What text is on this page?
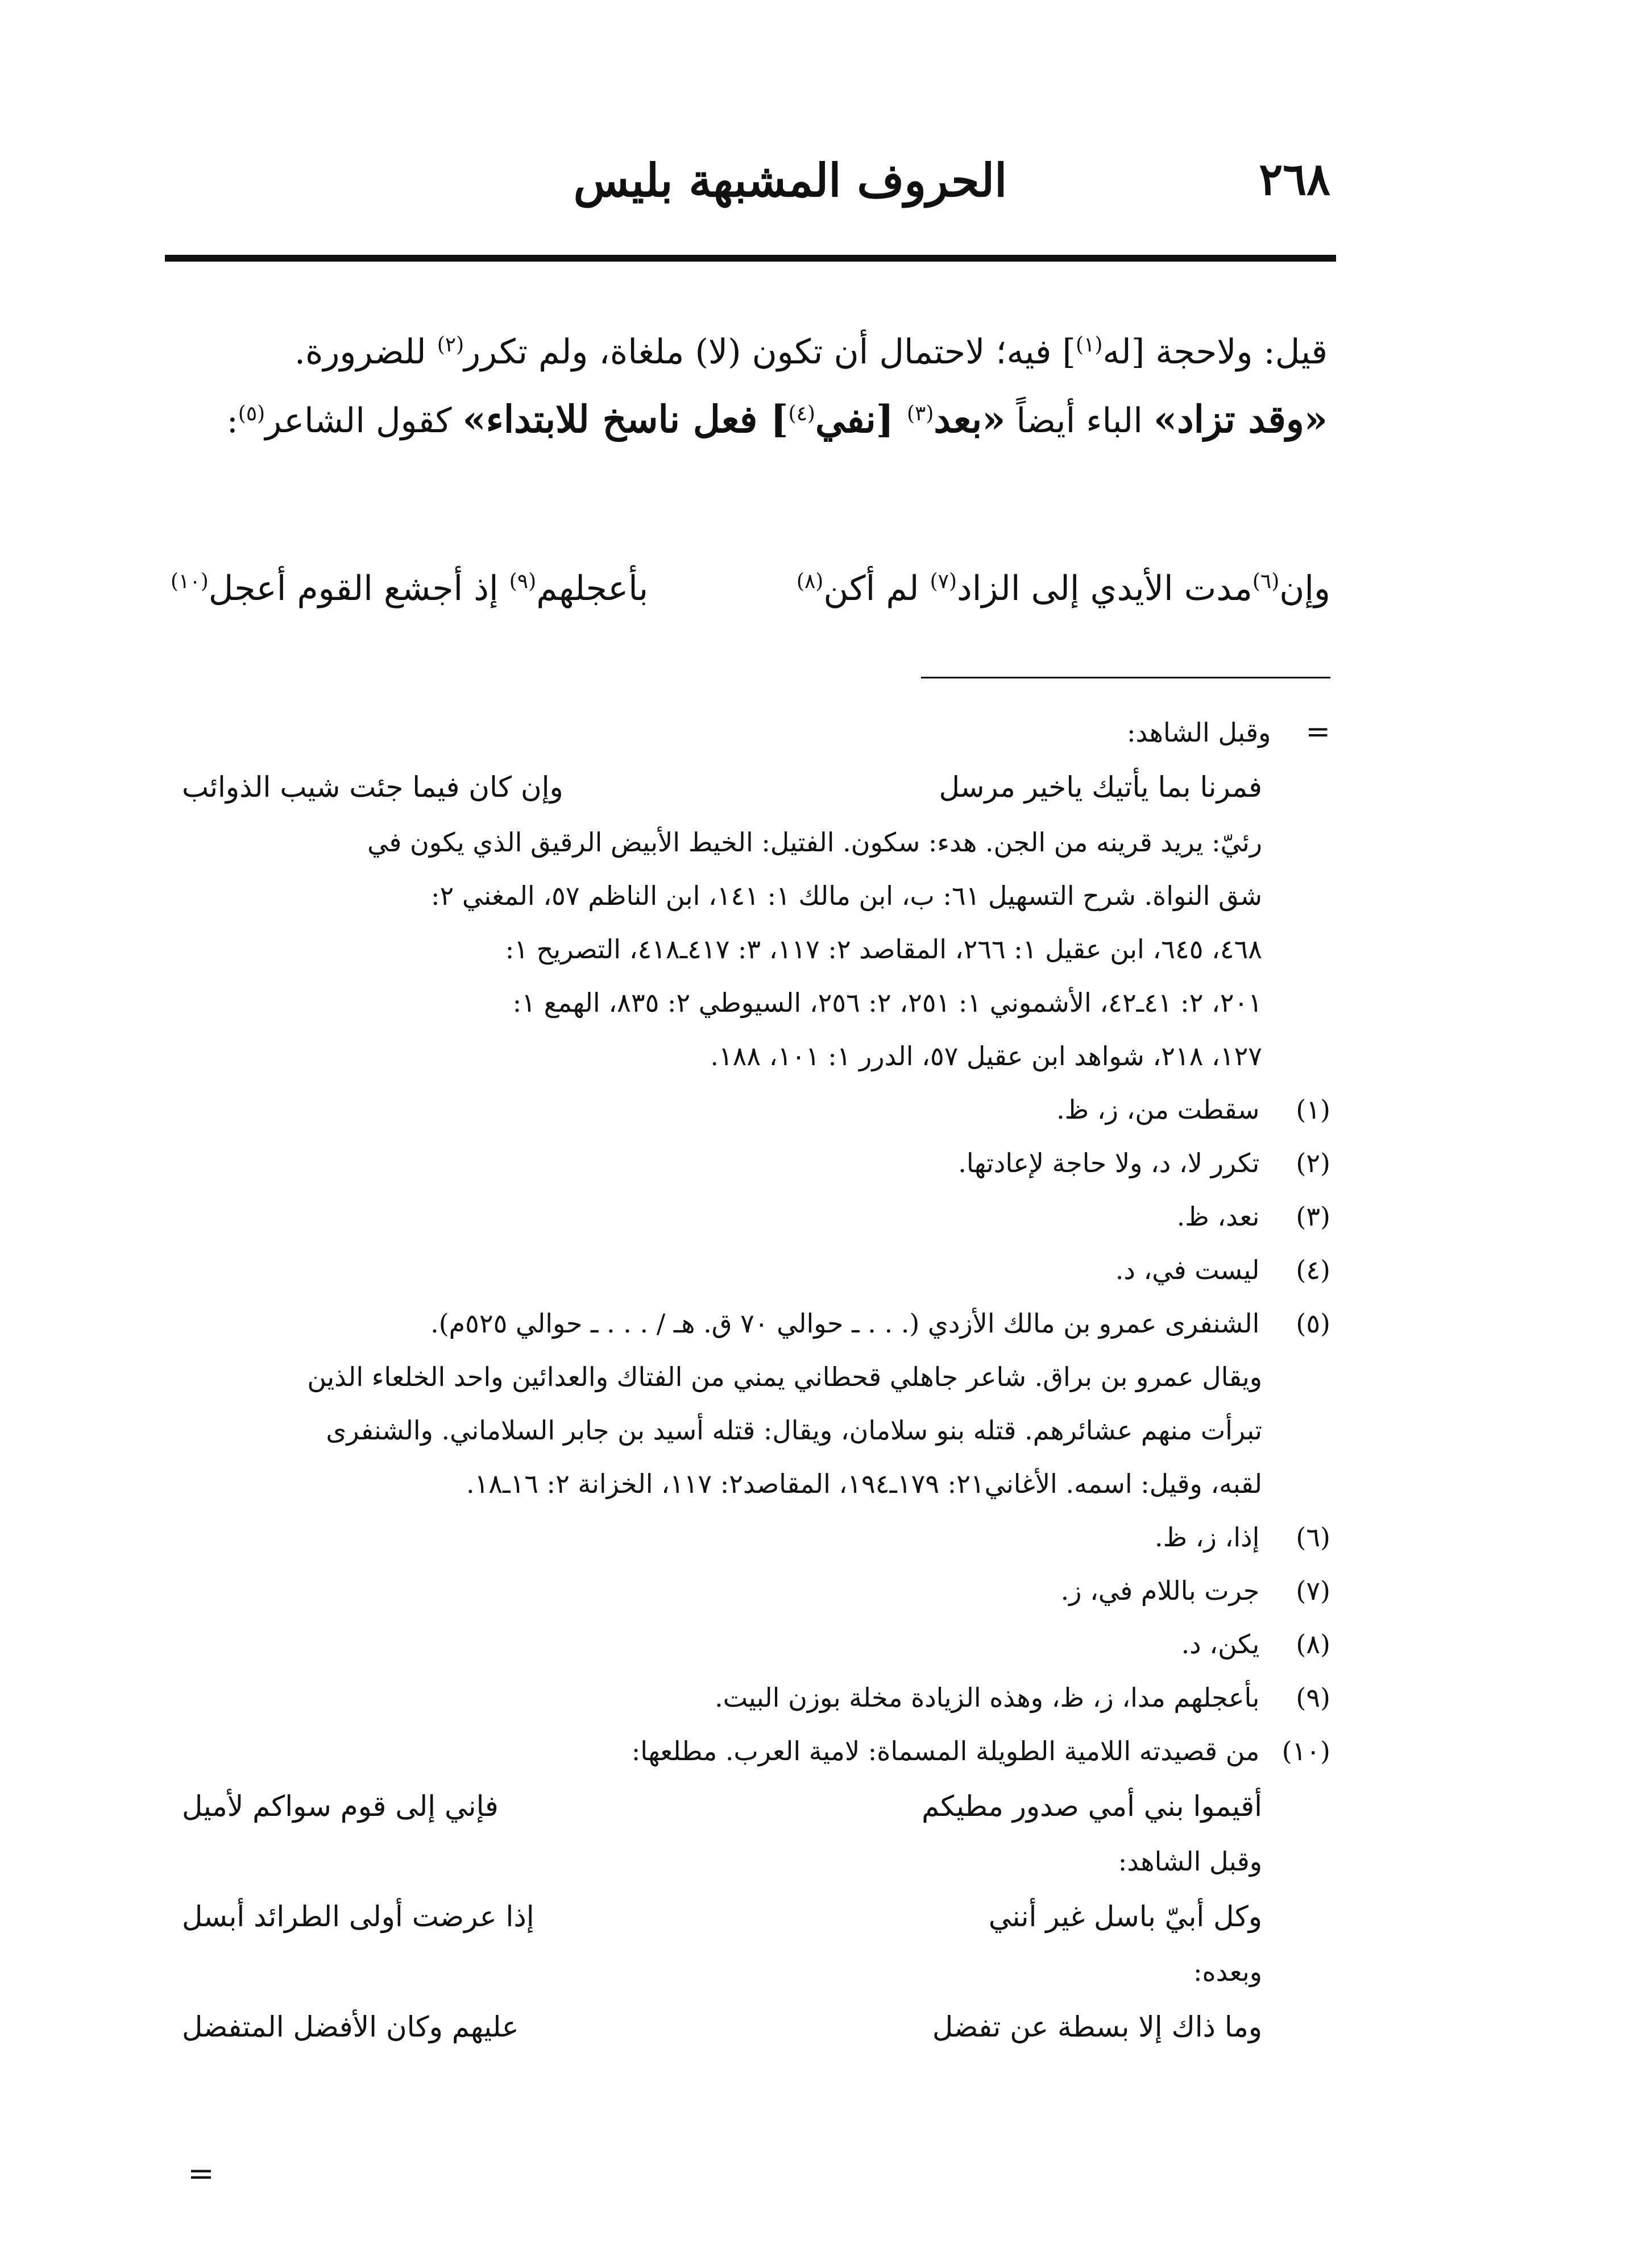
٢٦٨
الحروف المشبهة بليس

قيل: ولاحجة [له$^{(١)}$] فيه؛ لاحتمال أن تكون (لا) ملغاة، ولم تكرر$^{(٢)}$ للضرورة.

«وقد تزاد» الباء أيضاً «بعد$^{(٣)}$ [نفي$^{(٤)}$] فعل ناسخ للابتداء» كقول الشاعر$^{(٥)}$:

وإن$^{(٦)}$مدت الأيدي إلى الزاد$^{(٧)}$ لم أكن$^{(٨)}$
بأعجلهم$^{(٩)}$ إذ أجشع القوم أعجل$^{(١٠)}$
= وقبل الشاهد:
فمرنا بما يأتيك ياخير مرسل
وإن كان فيما جئت شيب الذوائب
رئيّ: يريد قرينه من الجن. هدء: سكون. الفتيل: الخيط الأبيض الرقيق الذي يكون في
شق النواة. شرح التسهيل ٦١: ب، ابن مالك ١: ١٤١، ابن الناظم ٥٧، المغني ٢:
٤٦٨، ٦٤٥، ابن عقيل ١: ٢٦٦، المقاصد ٢: ١١٧، ٣: ٤١٧ـ٤١٨، التصريح ١:
٢٠١، ٢: ٤١ـ٤٢، الأشموني ١: ٢٥١، ٢: ٢٥٦، السيوطي ٢: ٨٣٥، الهمع ١:
١٢٧، ٢١٨، شواهد ابن عقيل ٥٧، الدرر ١: ١٠١، ١٨٨.
(١) سقطت من، ز، ظ.
(٢) تكرر لا، د، ولا حاجة لإعادتها.
(٣) نعد، ظ.
(٤) ليست في، د.
(٥) الشنفرى عمرو بن مالك الأزدي (. . . ـ حوالي ٧٠ ق. هـ / . . . ـ حوالي ٥٢٥م).
ويقال عمرو بن براق. شاعر جاهلي قحطاني يمني من الفتاك والعدائين واحد الخلعاء الذين
تبرأت منهم عشائرهم. قتله بنو سلامان، ويقال: قتله أسيد بن جابر السلاماني. والشنفرى
لقبه، وقيل: اسمه. الأغاني٢١: ١٧٩ـ١٩٤، المقاصد٢: ١١٧، الخزانة ٢: ١٦ـ١٨.
(٦) إذا، ز، ظ.
(٧) جرت باللام في، ز.
(٨) يكن، د.
(٩) بأعجلهم مدا، ز، ظ، وهذه الزيادة مخلة بوزن البيت.
(١٠) من قصيدته اللامية الطويلة المسماة: لامية العرب. مطلعها:
أقيموا بني أمي صدور مطيكم
فإني إلى قوم سواكم لأميل
وقبل الشاهد:
وكل أبيّ باسل غير أنني
إذا عرضت أولى الطرائد أبسل
وبعده:
وما ذاك إلا بسطة عن تفضل
عليهم وكان الأفضل المتفضل
=
